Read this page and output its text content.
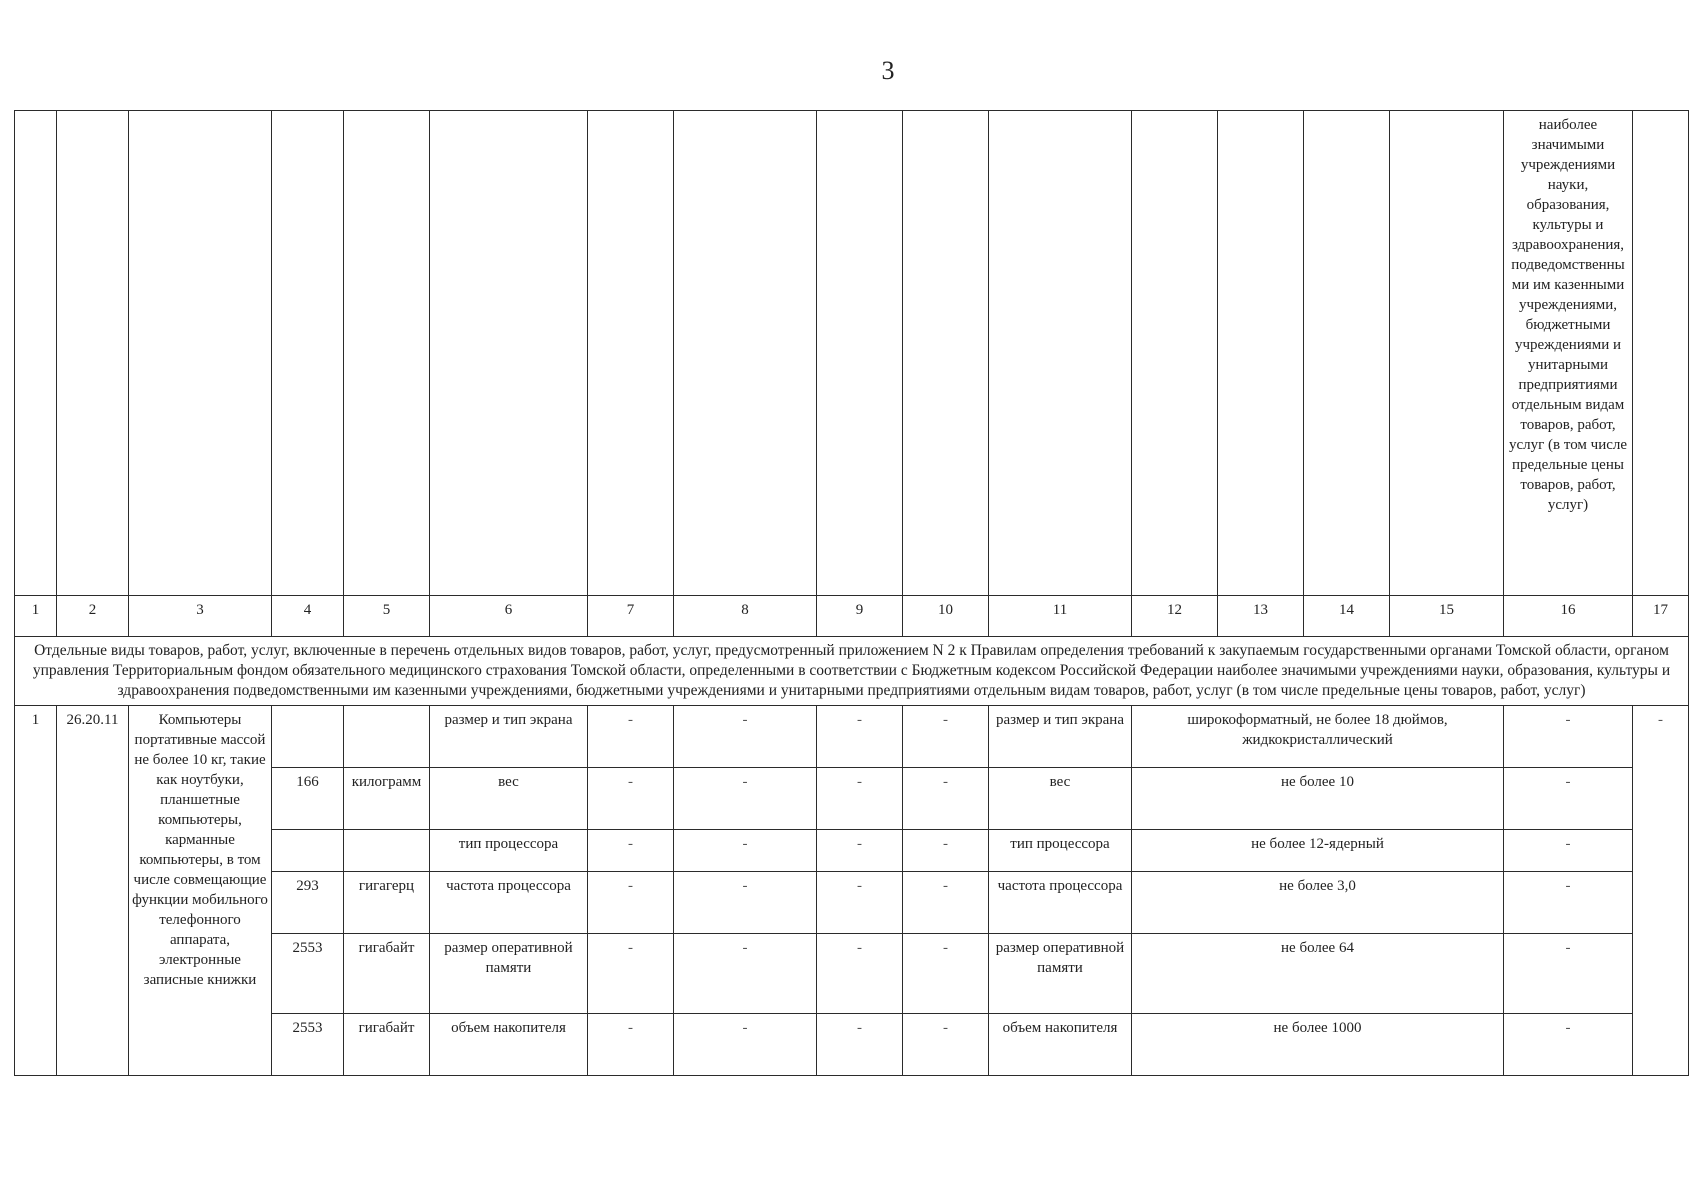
3
															наиболее значимыми учреждениями науки, образования, культуры и здравоохранения, подведомственными им казенными учреждениями, бюджетными учреждениями и унитарными предприятиями отдельным видам товаров, работ, услуг (в том числе предельные цены товаров, работ, услуг)	
1	2	3	4	5	6	7	8	9	10	11	12	13	14	15	16	17
Отдельные виды товаров, работ, услуг, включенные в перечень отдельных видов товаров, работ, услуг, предусмотренный приложением N 2 к Правилам определения требований к закупаемым государственными органами Томской области, органом управления Территориальным фондом обязательного медицинского страхования Томской области, определенными в соответствии с Бюджетным кодексом Российской Федерации наиболее значимыми учреждениями науки, образования, культуры и здравоохранения подведомственными им казенными учреждениями, бюджетными учреждениями и унитарными предприятиями отдельным видам товаров, работ, услуг (в том числе предельные цены товаров, работ, услуг)																
1	26.20.11	Компьютеры портативные массой не более 10 кг, такие как ноутбуки, планшетные компьютеры, карманные компьютеры, в том числе совмещающие функции мобильного телефонного аппарата, электронные записные книжки			размер и тип экрана	-	-	-	-	размер и тип экрана	широкоформатный, не более 18 дюймов, жидкокристаллический				-	-
			166	килограмм	вес	-	-	-	-	вес	не более 10				-	
					тип процессора	-	-	-	-	тип процессора	не более 12-ядерный				-	
			293	гигагерц	частота процессора	-	-	-	-	частота процессора	не более 3,0				-	
			2553	гигабайт	размер оперативной памяти	-	-	-	-	размер оперативной памяти	не более 64				-	
			2553	гигабайт	объем накопителя	-	-	-	-	объем накопителя	не более 1000				-	
